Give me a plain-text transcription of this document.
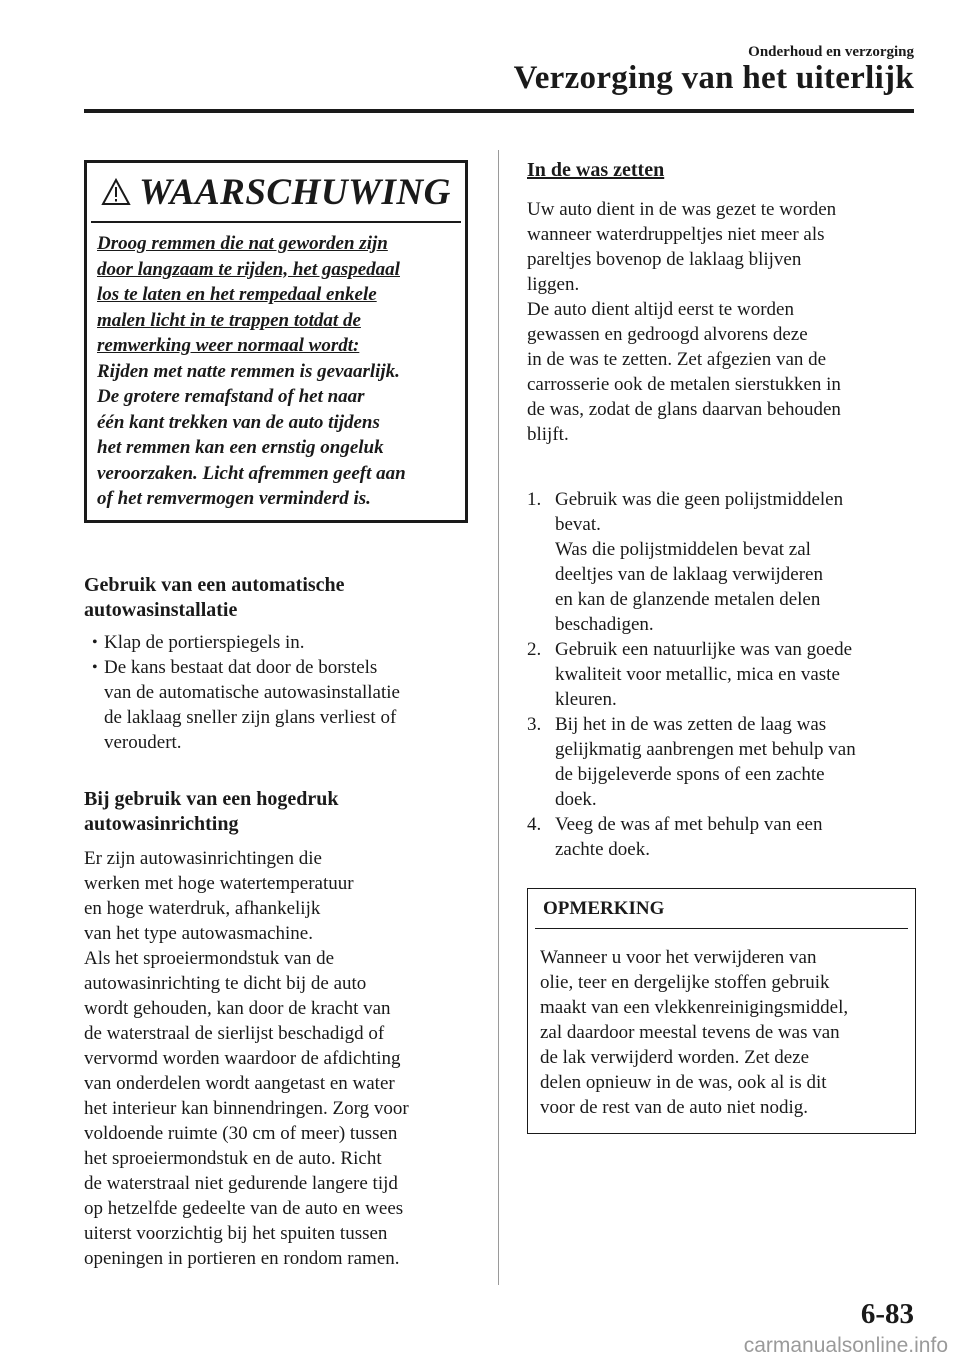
Onderhoud en verzorging
Verzorging van het uiterlijk
WAARSCHUWING
Droog remmen die nat geworden zijn
door langzaam te rijden, het gaspedaal
los te laten en het rempedaal enkele
malen licht in te trappen totdat de
remwerking weer normaal wordt:
Rijden met natte remmen is gevaarlijk.
De grotere remafstand of het naar
één kant trekken van de auto tijdens
het remmen kan een ernstig ongeluk
veroorzaken. Licht afremmen geeft aan
of het remvermogen verminderd is.
Gebruik van een automatische
autowasinstallatie
• Klap de portierspiegels in.
• De kans bestaat dat door de borstels
van de automatische autowasinstallatie
de laklaag sneller zijn glans verliest of
veroudert.
Bij gebruik van een hogedruk
autowasinrichting
Er zijn autowasinrichtingen die
werken met hoge watertemperatuur
en hoge waterdruk, afhankelijk
van het type autowasmachine.
Als het sproeiermondstuk van de
autowasinrichting te dicht bij de auto
wordt gehouden, kan door de kracht van
de waterstraal de sierlijst beschadigd of
vervormd worden waardoor de afdichting
van onderdelen wordt aangetast en water
het interieur kan binnendringen. Zorg voor
voldoende ruimte (30 cm of meer) tussen
het sproeiermondstuk en de auto. Richt
de waterstraal niet gedurende langere tijd
op hetzelfde gedeelte van de auto en wees
uiterst voorzichtig bij het spuiten tussen
openingen in portieren en rondom ramen.
In de was zetten
Uw auto dient in de was gezet te worden
wanneer waterdruppeltjes niet meer als
pareltjes bovenop de laklaag blijven
liggen.
De auto dient altijd eerst te worden
gewassen en gedroogd alvorens deze
in de was te zetten. Zet afgezien van de
carrosserie ook de metalen sierstukken in
de was, zodat de glans daarvan behouden
blijft.
1. Gebruik was die geen polijstmiddelen
bevat.
Was die polijstmiddelen bevat zal
deeltjes van de laklaag verwijderen
en kan de glanzende metalen delen
beschadigen.
2. Gebruik een natuurlijke was van goede
kwaliteit voor metallic, mica en vaste
kleuren.
3. Bij het in de was zetten de laag was
gelijkmatig aanbrengen met behulp van
de bijgeleverde spons of een zachte
doek.
4. Veeg de was af met behulp van een
zachte doek.
OPMERKING
Wanneer u voor het verwijderen van
olie, teer en dergelijke stoffen gebruik
maakt van een vlekkenreinigingsmiddel,
zal daardoor meestal tevens de was van
de lak verwijderd worden. Zet deze
delen opnieuw in de was, ook al is dit
voor de rest van de auto niet nodig.
6-83
carmanualsonline.info
